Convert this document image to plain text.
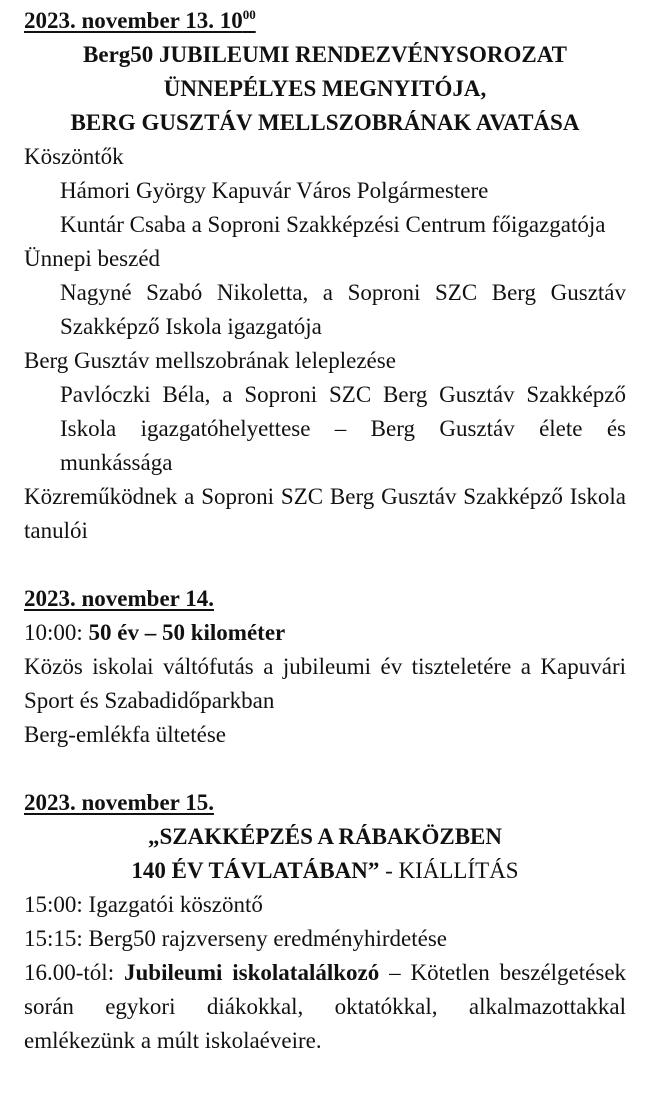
2023. november 13. $10^{00}$
Berg50 JUBILEUMI RENDEZVÉNYSOROZAT
ÜNNEPÉLYES MEGNYITÓJA,
BERG GUSZTÁV MELLSZOBRÁNAK AVATÁSA
Köszöntők
Hámori György Kapuvár Város Polgármestere
Kuntár Csaba a Soproni Szakképzési Centrum főigazgatója
Ünnepi beszéd
Nagyné Szabó Nikoletta, a Soproni SZC Berg Gusztáv Szakképző Iskola igazgatója
Berg Gusztáv mellszobrának leleplezése
Pavlóczki Béla, a Soproni SZC Berg Gusztáv Szakképző Iskola igazgatóhelyettese – Berg Gusztáv élete és munkássága
Közreműködnek a Soproni SZC Berg Gusztáv Szakképző Iskola tanulói
2023. november 14.
10:00: 50 év – 50 kilométer
Közös iskolai váltófutás a jubileumi év tiszteletére a Kapuvári Sport és Szabadidőparkban
Berg-emlékfa ültetése
2023. november 15.
„SZAKKÉPZÉS A RÁBAKÖZBEN
140 ÉV TÁVLATÁBAN” - KIÁLLÍTÁS
15:00: Igazgatói köszöntő
15:15: Berg50 rajzverseny eredményhirdetése
16.00-tól: Jubileumi iskolatalálkozó – Kötetlen beszélgetések során egykori diákokkal, oktatókkal, alkalmazottakkal emlékezünk a múlt iskolaéveire.
